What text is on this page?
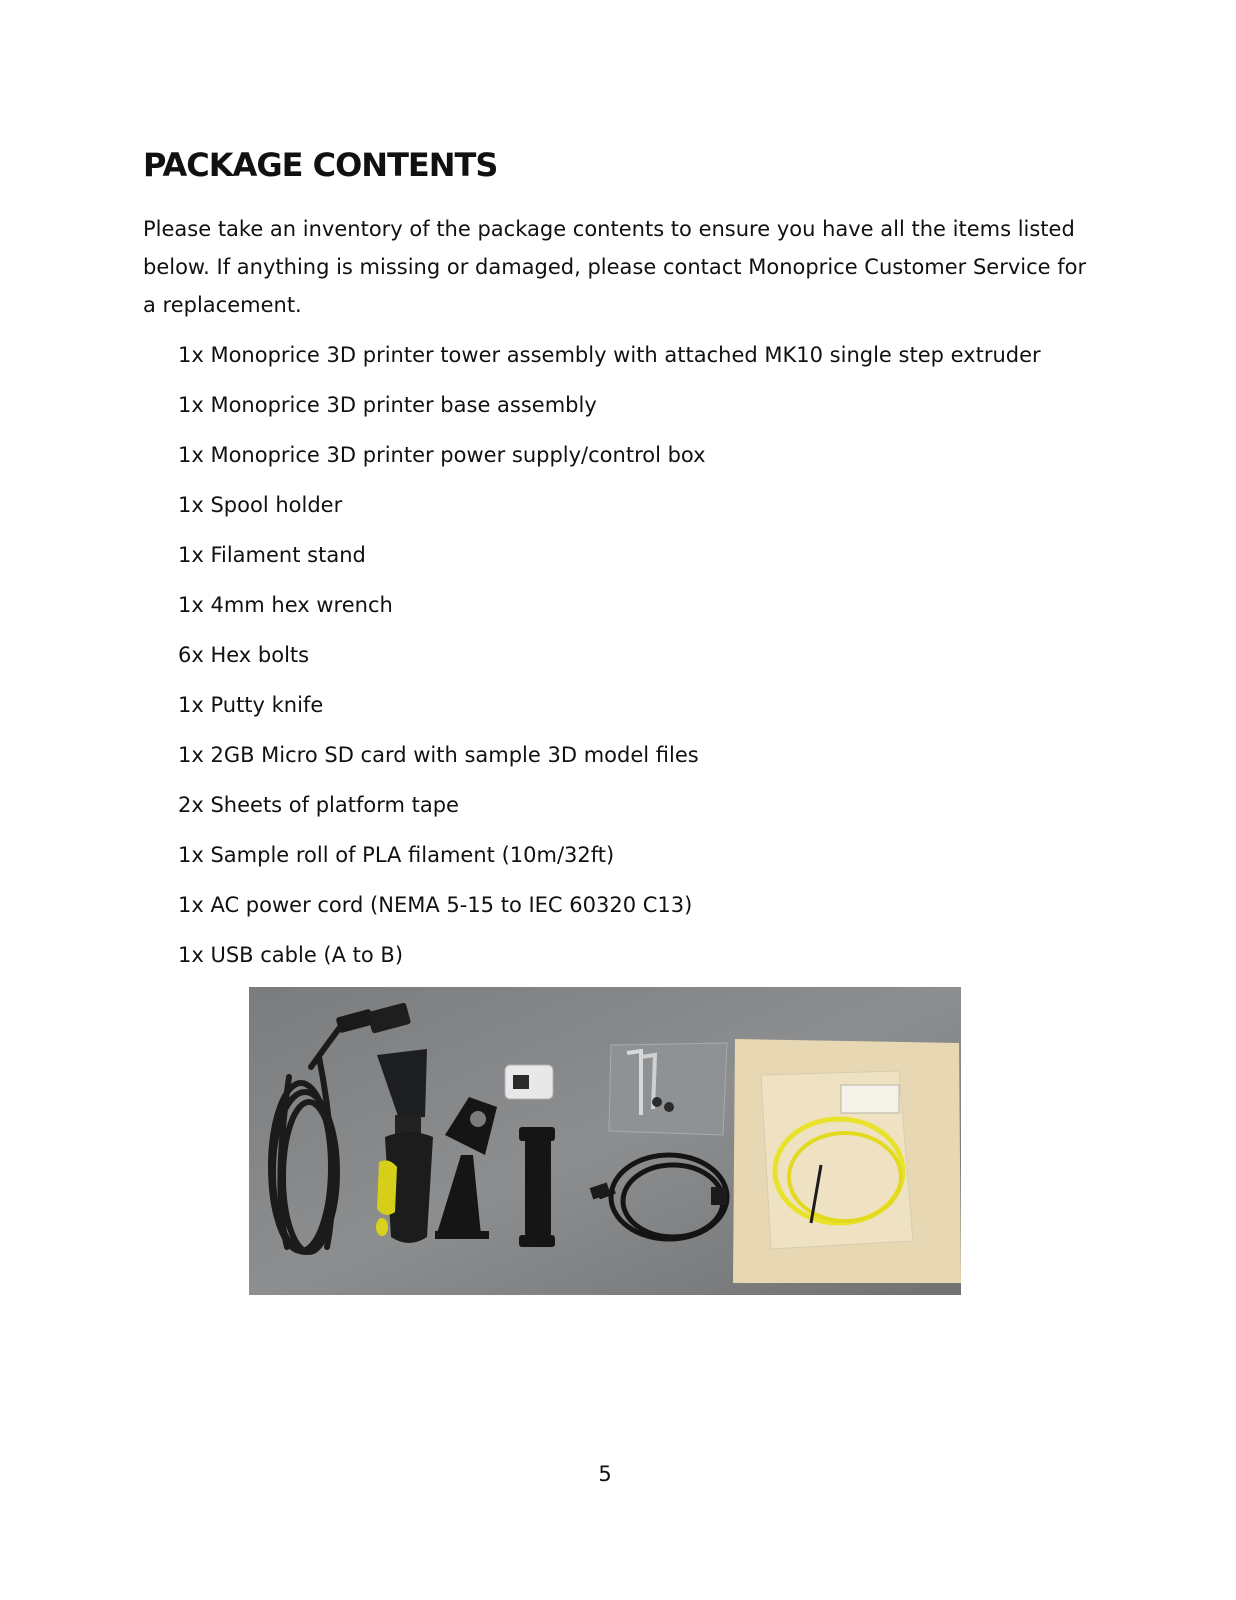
PACKAGE CONTENTS

Please take an inventory of the package contents to ensure you have all the items listed below. If anything is missing or damaged, please contact Monoprice Customer Service for a replacement.

1x Monoprice 3D printer tower assembly with attached MK10 single step extruder
1x Monoprice 3D printer base assembly
1x Monoprice 3D printer power supply/control box
1x Spool holder
1x Filament stand
1x 4mm hex wrench
6x Hex bolts
1x Putty knife
1x 2GB Micro SD card with sample 3D model files
2x Sheets of platform tape
1x Sample roll of PLA filament (10m/32ft)
1x AC power cord (NEMA 5-15 to IEC 60320 C13)
1x USB cable (A to B)
5
